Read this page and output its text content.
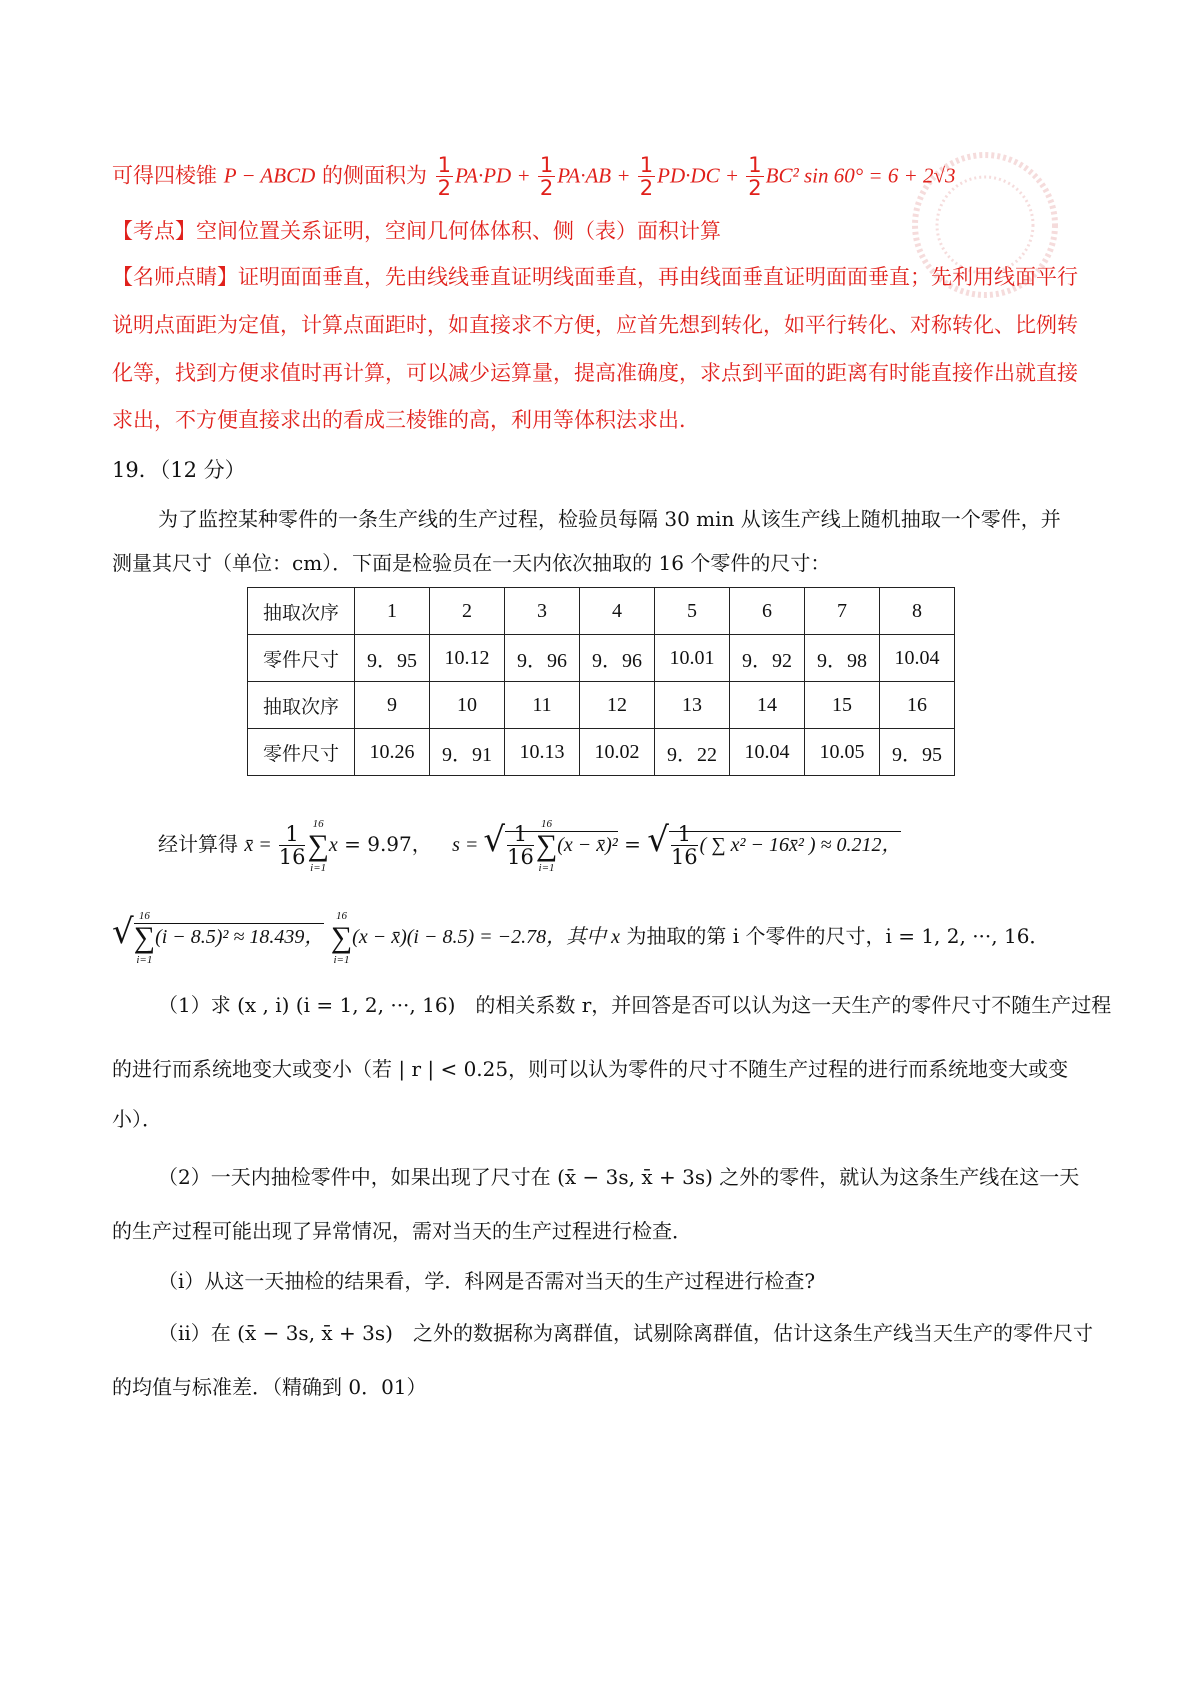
可得四棱锥 P − ABCD 的侧面积为 $\frac{1}{2} PA\cdot PD + \frac{1}{2} PA\cdot AB + \frac{1}{2} PD\cdot DC + \frac{1}{2} BC^2$ sin 60° = 6 + 2√3
【考点】空间位置关系证明，空间几何体体积、侧（表）面积计算
【名师点睛】证明面面垂直，先由线线垂直证明线面垂直，再由线面垂直证明面面垂直；先利用线面平行
说明点面距为定值，计算点面距时，如直接求不方便，应首先想到转化，如平行转化、对称转化、比例转
化等，找到方便求值时再计算，可以减少运算量，提高准确度，求点到平面的距离有时能直接作出就直接
求出，不方便直接求出的看成三棱锥的高，利用等体积法求出．
19．（12 分）
为了监控某种零件的一条生产线的生产过程，检验员每隔 30 min 从该生产线上随机抽取一个零件，并
测量其尺寸（单位：cm）．下面是检验员在一天内依次抽取的 16 个零件的尺寸：
抽取次序	1	2	3	4	5	6	7	8
零件尺寸	9．95	10.12	9．96	9．96	10.01	9．92	9．98	10.04
抽取次序	9	10	11	12	13	14	15	16
零件尺寸	10.26	9．91	10.13	10.02	9．22	10.04	10.05	9．95
经计算得 x̄ = $\frac{1}{16} 16$
∑
i=1
x = 9.97， s = √ $\frac{1}{16} 16$
∑
i=1
(x − x̄)² = √ $\frac{1}{16}$ ( ∑ x² − 16x̄² ) ≈ 0.212，
√ 16
∑
i=1
(i − 8.5)² ≈ 18.439，
16
∑
i=1
(x − x̄)(i − 8.5) = −2.78，其中 x 为抽取的第 i 个零件的尺寸，i = 1, 2, ···, 16．
（1）求 (x , i) (i = 1, 2, ···, 16)　的相关系数 r，并回答是否可以认为这一天生产的零件尺寸不随生产过程
的进行而系统地变大或变小（若 | r | < 0.25，则可以认为零件的尺寸不随生产过程的进行而系统地变大或变
小）．
（2）一天内抽检零件中，如果出现了尺寸在 (x̄ − 3s, x̄ + 3s) 之外的零件，就认为这条生产线在这一天
的生产过程可能出现了异常情况，需对当天的生产过程进行检查．
（ⅰ）从这一天抽检的结果看，学．科网是否需对当天的生产过程进行检查?
（ⅱ）在 (x̄ − 3s, x̄ + 3s)　之外的数据称为离群值，试剔除离群值，估计这条生产线当天生产的零件尺寸
的均值与标准差．（精确到 0．01）
